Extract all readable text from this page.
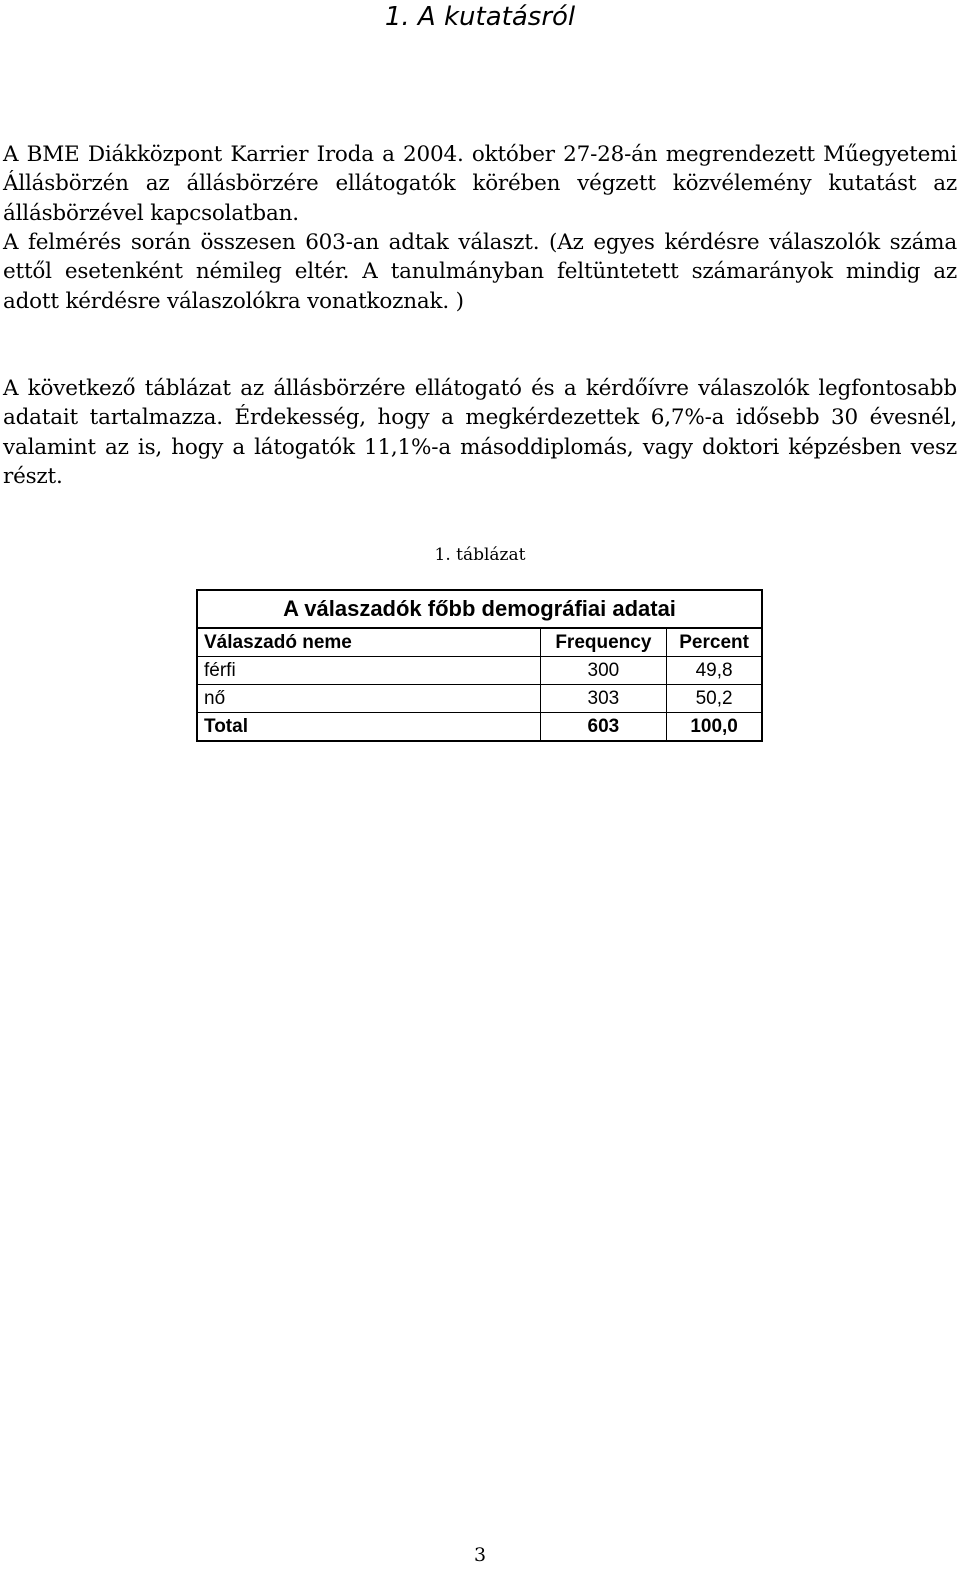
1. A kutatásról

A BME Diákközpont Karrier Iroda a 2004. október 27-28-án megrendezett Műegyetemi Állásbörzén az állásbörzére ellátogatók körében végzett közvélemény kutatást az állásbörzével kapcsolatban.

A felmérés során összesen 603-an adtak választ. (Az egyes kérdésre válaszolók száma ettől esetenként némileg eltér. A tanulmányban feltüntetett számarányok mindig az adott kérdésre válaszolókra vonatkoznak. )

A következő táblázat az állásbörzére ellátogató és a kérdőívre válaszolók legfontosabb adatait tartalmazza. Érdekesség, hogy a megkérdezettek 6,7%-a idősebb 30 évesnél, valamint az is, hogy a látogatók 11,1%-a másoddiplomás, vagy doktori képzésben vesz részt.

1. táblázat
A válaszadók főbb demográfiai adatai		
Válaszadó neme	Frequency	Percent
férfi	300	49,8
nő	303	50,2
Total	603	100,0
3
